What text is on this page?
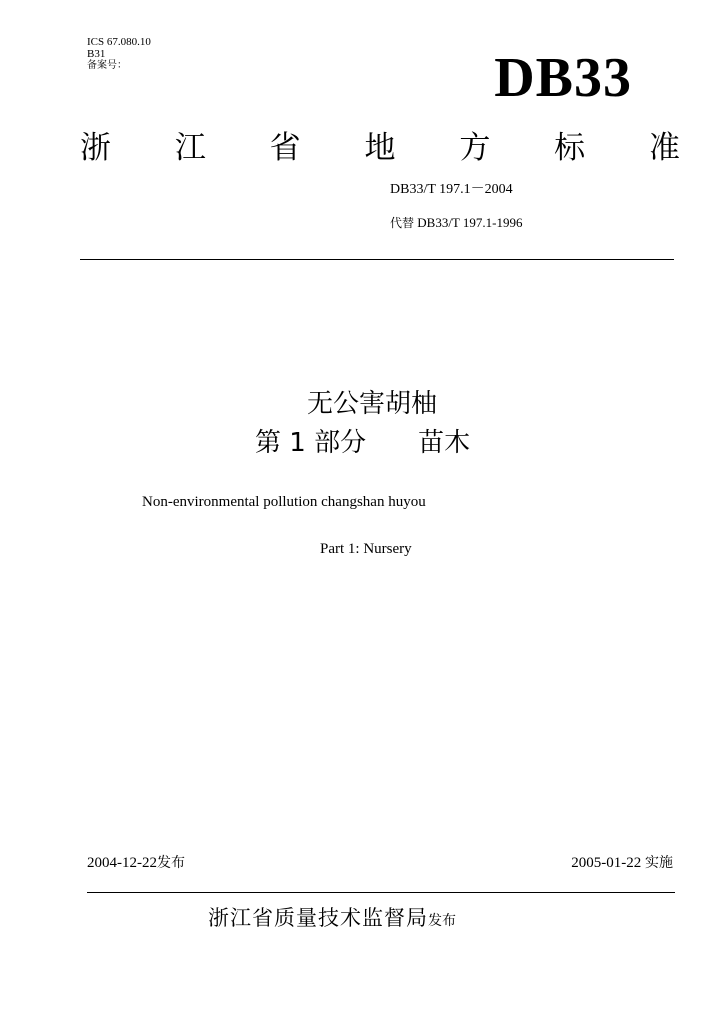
ICS 67.080.10
B31
备案号：	DB33
浙 江 省 地 方 标 准
DB33/T 197.1－2004
代替 DB33/T 197.1-1996
无公害胡柚
第 1 部分 苗木
Non-environmental pollution changshan huyou
Part 1: Nursery
2004-12-22发布	2005-01-22 实施
浙江省质量技术监督局发布
